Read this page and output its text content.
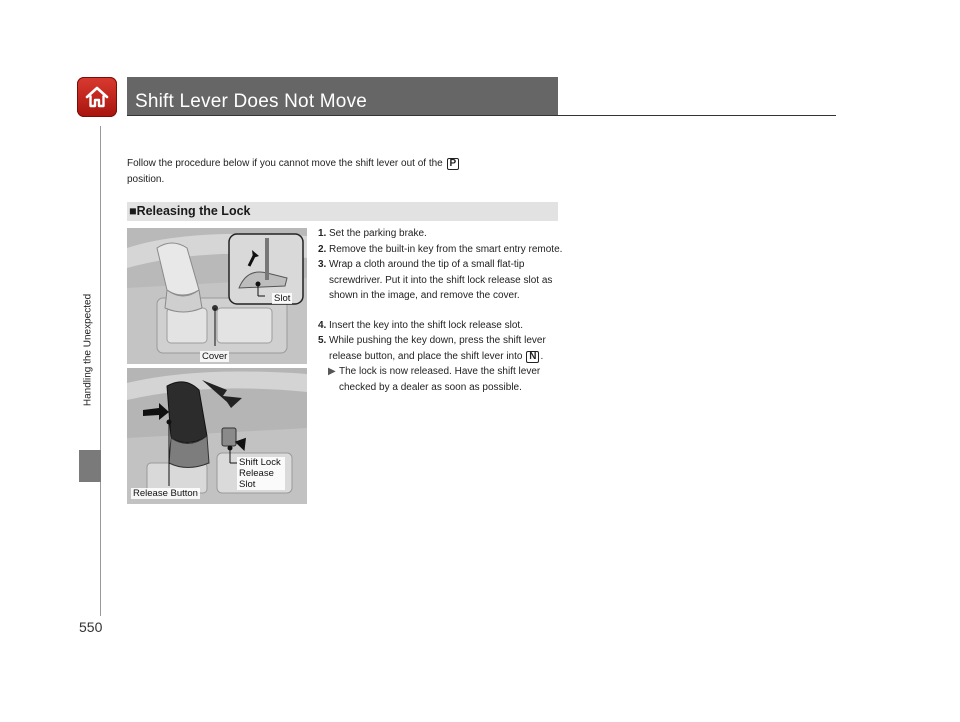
Shift Lever Does Not Move
Handling the Unexpected
550
Follow the procedure below if you cannot move the shift lever out of the P
position.
■Releasing the Lock
Slot
Cover
Release Button
Shift Lock Release Slot
1. Set the parking brake.
2. Remove the built-in key from the smart entry remote.
3. Wrap a cloth around the tip of a small flat-tip screwdriver. Put it into the shift lock release slot as shown in the image, and remove the cover.
4. Insert the key into the shift lock release slot.
5. While pushing the key down, press the shift lever release button, and place the shift lever into N .
▶ The lock is now released. Have the shift lever checked by a dealer as soon as possible.
